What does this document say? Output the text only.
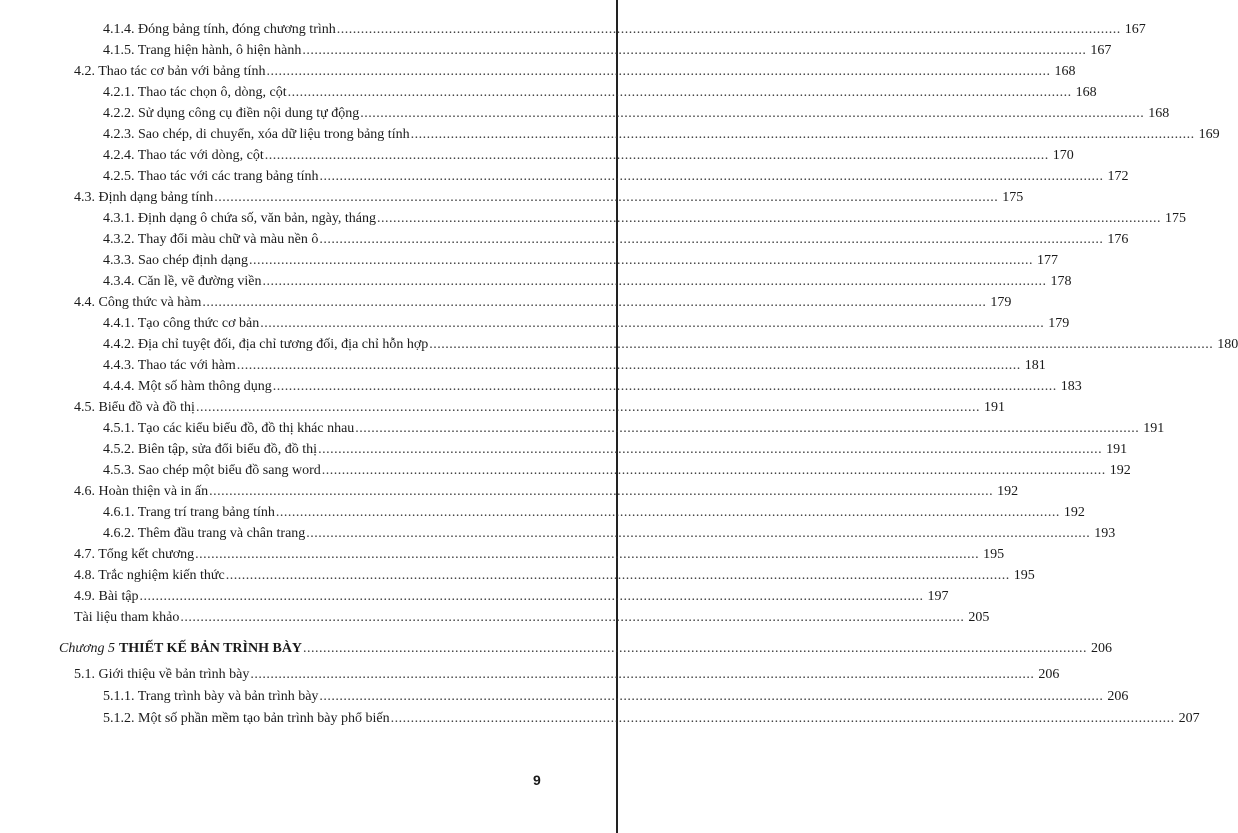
4.1.4. Đóng bảng tính, đóng chương trình .................................................................................................................................................................................................... 167
4.1.5. Trang hiện hành, ô hiện hành .................................................................................................................................................................................................... 167
4.2. Thao tác cơ bản với bảng tính .................................................................................................................................................................................................... 168
4.2.1. Thao tác chọn ô, dòng, cột .................................................................................................................................................................................................... 168
4.2.2. Sử dụng công cụ điền nội dung tự động .................................................................................................................................................................................................... 168
4.2.3. Sao chép, di chuyển, xóa dữ liệu trong bảng tính .................................................................................................................................................................................................... 169
4.2.4. Thao tác với dòng, cột .................................................................................................................................................................................................... 170
4.2.5. Thao tác với các trang bảng tính .................................................................................................................................................................................................... 172
4.3. Định dạng bảng tính .................................................................................................................................................................................................... 175
4.3.1. Định dạng ô chứa số, văn bản, ngày, tháng .................................................................................................................................................................................................... 175
4.3.2. Thay đổi màu chữ và màu nền ô .................................................................................................................................................................................................... 176
4.3.3. Sao chép định dạng .................................................................................................................................................................................................... 177
4.3.4. Căn lề, vẽ đường viền .................................................................................................................................................................................................... 178
4.4. Công thức và hàm .................................................................................................................................................................................................... 179
4.4.1. Tạo công thức cơ bản .................................................................................................................................................................................................... 179
4.4.2. Địa chỉ tuyệt đối, địa chỉ tương đối, địa chỉ hỗn hợp .................................................................................................................................................................................................... 180
4.4.3. Thao tác với hàm .................................................................................................................................................................................................... 181
4.4.4. Một số hàm thông dụng .................................................................................................................................................................................................... 183
4.5. Biểu đồ và đồ thị .................................................................................................................................................................................................... 191
4.5.1. Tạo các kiểu biểu đồ, đồ thị khác nhau .................................................................................................................................................................................................... 191
4.5.2. Biên tập, sửa đổi biểu đồ, đồ thị .................................................................................................................................................................................................... 191
4.5.3. Sao chép một biểu đồ sang word .................................................................................................................................................................................................... 192
4.6. Hoàn thiện và in ấn .................................................................................................................................................................................................... 192
4.6.1. Trang trí trang bảng tính .................................................................................................................................................................................................... 192
4.6.2. Thêm đầu trang và chân trang .................................................................................................................................................................................................... 193
4.7. Tổng kết chương .................................................................................................................................................................................................... 195
4.8. Trắc nghiệm kiến thức .................................................................................................................................................................................................... 195
4.9. Bài tập .................................................................................................................................................................................................... 197
Tài liệu tham khảo .................................................................................................................................................................................................... 205
Chương 5 THIẾT KẾ BẢN TRÌNH BÀY .................................................................................................................................................................................................... 206
5.1. Giới thiệu về bản trình bày .................................................................................................................................................................................................... 206
5.1.1. Trang trình bày và bản trình bày .................................................................................................................................................................................................... 206
5.1.2. Một số phần mềm tạo bản trình bày phổ biến .................................................................................................................................................................................................... 207
9
